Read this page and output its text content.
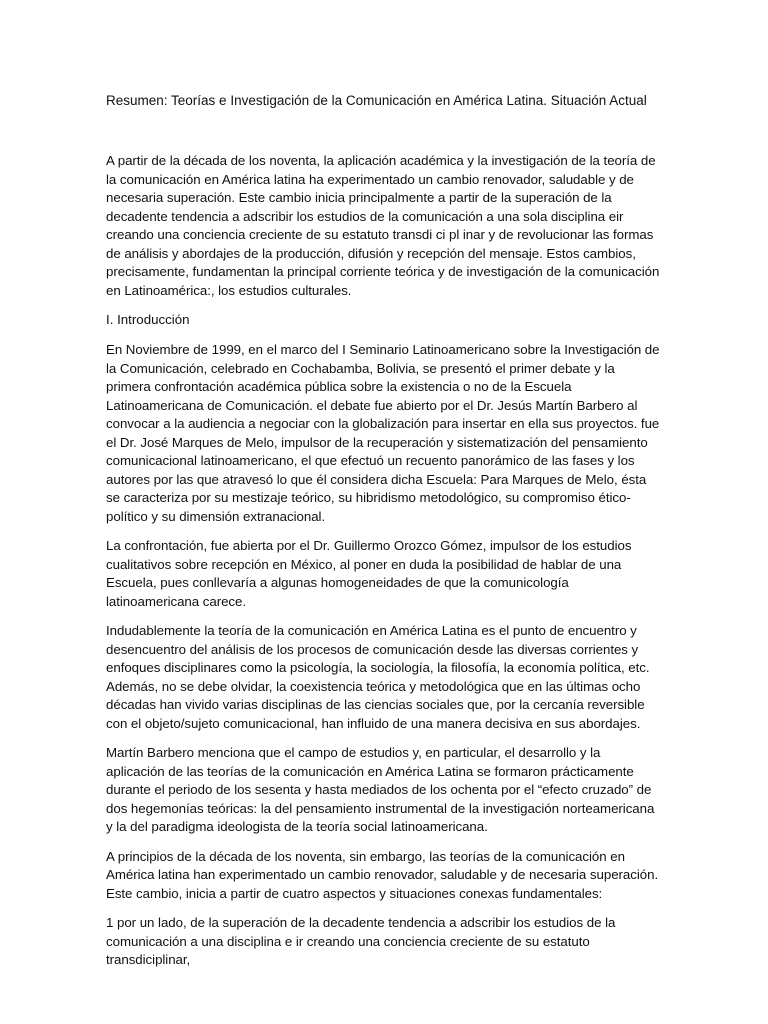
Resumen: Teorías e Investigación de la Comunicación en América Latina. Situación Actual

A partir de la década de los noventa, la aplicación académica y la investigación de la teoría de la comunicación en América latina ha experimentado un cambio renovador, saludable y de necesaria superación. Este cambio inicia principalmente a partir de la superación de la decadente tendencia a adscribir los estudios de la comunicación a una sola disciplina eir creando una conciencia creciente de su estatuto transdi ci pl inar y de revolucionar las formas de análisis y abordajes de la producción, difusión y recepción del mensaje. Estos cambios, precisamente, fundamentan la principal corriente teórica y de investigación de la comunicación en Latinoamérica:, los estudios culturales.

I. Introducción

En Noviembre de 1999, en el marco del I Seminario Latinoamericano sobre la Investigación de la Comunicación, celebrado en Cochabamba, Bolivia, se presentó el primer debate y la primera confrontación académica pública sobre la existencia o no de la Escuela Latinoamericana de Comunicación. el debate fue abierto por el Dr. Jesús Martín Barbero al convocar a la audiencia a negociar con la globalización para insertar en ella sus proyectos. fue el Dr. José Marques de Melo, impulsor de la recuperación y sistematización del pensamiento comunicacional latinoamericano, el que efectuó un recuento panorámico de las fases y los autores por las que atravesó lo que él considera dicha Escuela: Para Marques de Melo, ésta se caracteriza por su mestizaje teórico, su hibridismo metodológico, su compromiso ético-político y su dimensión extranacional.

La confrontación, fue abierta por el Dr. Guillermo Orozco Gómez, impulsor de los estudios cualitativos sobre recepción en México, al poner en duda la posibilidad de hablar de una Escuela, pues conllevaría a algunas homogeneidades de que la comunicología latinoamericana carece.

Indudablemente la teoría de la comunicación en América Latina es el punto de encuentro y desencuentro del análisis de los procesos de comunicación desde las diversas corrientes y enfoques disciplinares como la psicología, la sociología, la filosofía, la economía política, etc. Además, no se debe olvidar, la coexistencia teórica y metodológica que en las últimas ocho décadas han vivido varias disciplinas de las ciencias sociales que, por la cercanía reversible con el objeto/sujeto comunicacional, han influido de una manera decisiva en sus abordajes.

Martín Barbero menciona que el campo de estudios y, en particular, el desarrollo y la aplicación de las teorías de la comunicación en América Latina se formaron prácticamente durante el periodo de los sesenta y hasta mediados de los ochenta por el “efecto cruzado” de dos hegemonías teóricas: la del pensamiento instrumental de la investigación norteamericana y la del paradigma ideologista de la teoría social latinoamericana.

A principios de la década de los noventa, sin embargo, las teorías de la comunicación en América latina han experimentado un cambio renovador, saludable y de necesaria superación. Este cambio, inicia a partir de cuatro aspectos y situaciones conexas fundamentales:

1 por un lado, de la superación de la decadente tendencia a adscribir los estudios de la comunicación a una disciplina e ir creando una conciencia creciente de su estatuto transdiciplinar,
